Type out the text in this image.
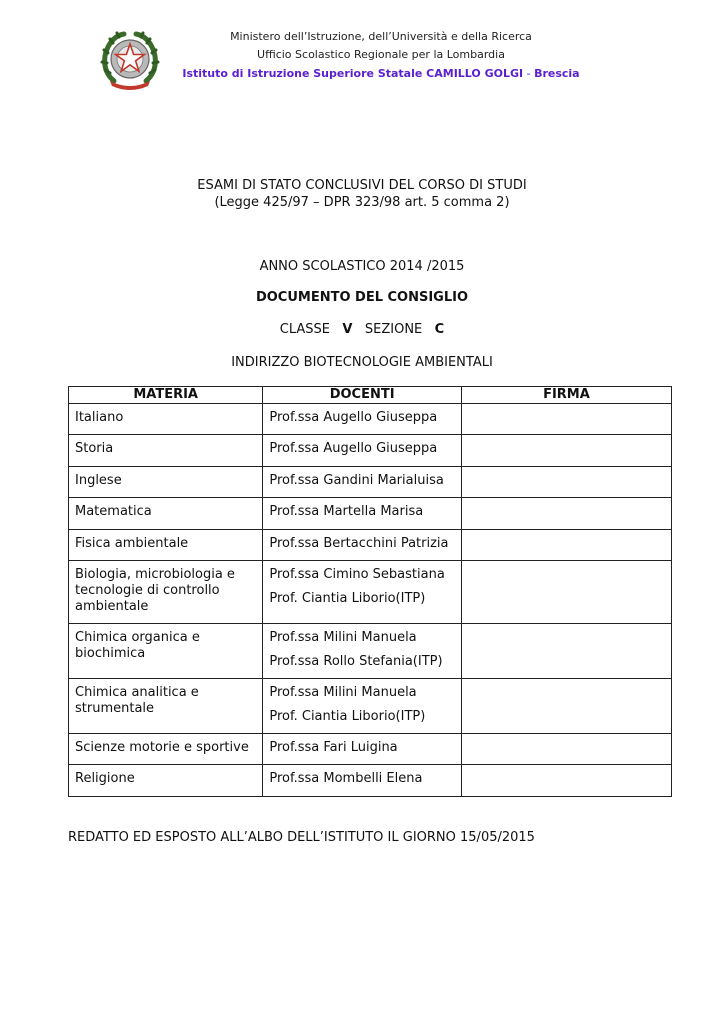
Ministero dell’Istruzione, dell’Università e della Ricerca
Ufficio Scolastico Regionale per la Lombardia
Istituto di Istruzione Superiore Statale CAMILLO GOLGI - Brescia
ESAMI DI STATO CONCLUSIVI DEL CORSO DI STUDI
(Legge 425/97 – DPR 323/98 art. 5 comma 2)
ANNO SCOLASTICO 2014 /2015
DOCUMENTO DEL CONSIGLIO
CLASSE V SEZIONE C
INDIRIZZO BIOTECNOLOGIE AMBIENTALI
MATERIA	DOCENTI	FIRMA
Italiano	Prof.ssa Augello Giuseppa	

Storia	Prof.ssa Augello Giuseppa	

Inglese	Prof.ssa Gandini Marialuisa	

Matematica	Prof.ssa Martella Marisa	

Fisica ambientale	Prof.ssa Bertacchini Patrizia	

Biologia, microbiologia e tecnologie di controllo ambientale	Prof.ssa Cimino Sebastiana
Prof. Ciantia Liborio(ITP)	

Chimica organica e biochimica	Prof.ssa Milini Manuela
Prof.ssa Rollo Stefania(ITP)	

Chimica analitica e strumentale	Prof.ssa Milini Manuela
Prof. Ciantia Liborio(ITP)	

Scienze motorie e sportive	Prof.ssa Fari Luigina	

Religione	Prof.ssa Mombelli Elena	

REDATTO ED ESPOSTO ALL’ALBO DELL’ISTITUTO IL GIORNO 15/05/2015
